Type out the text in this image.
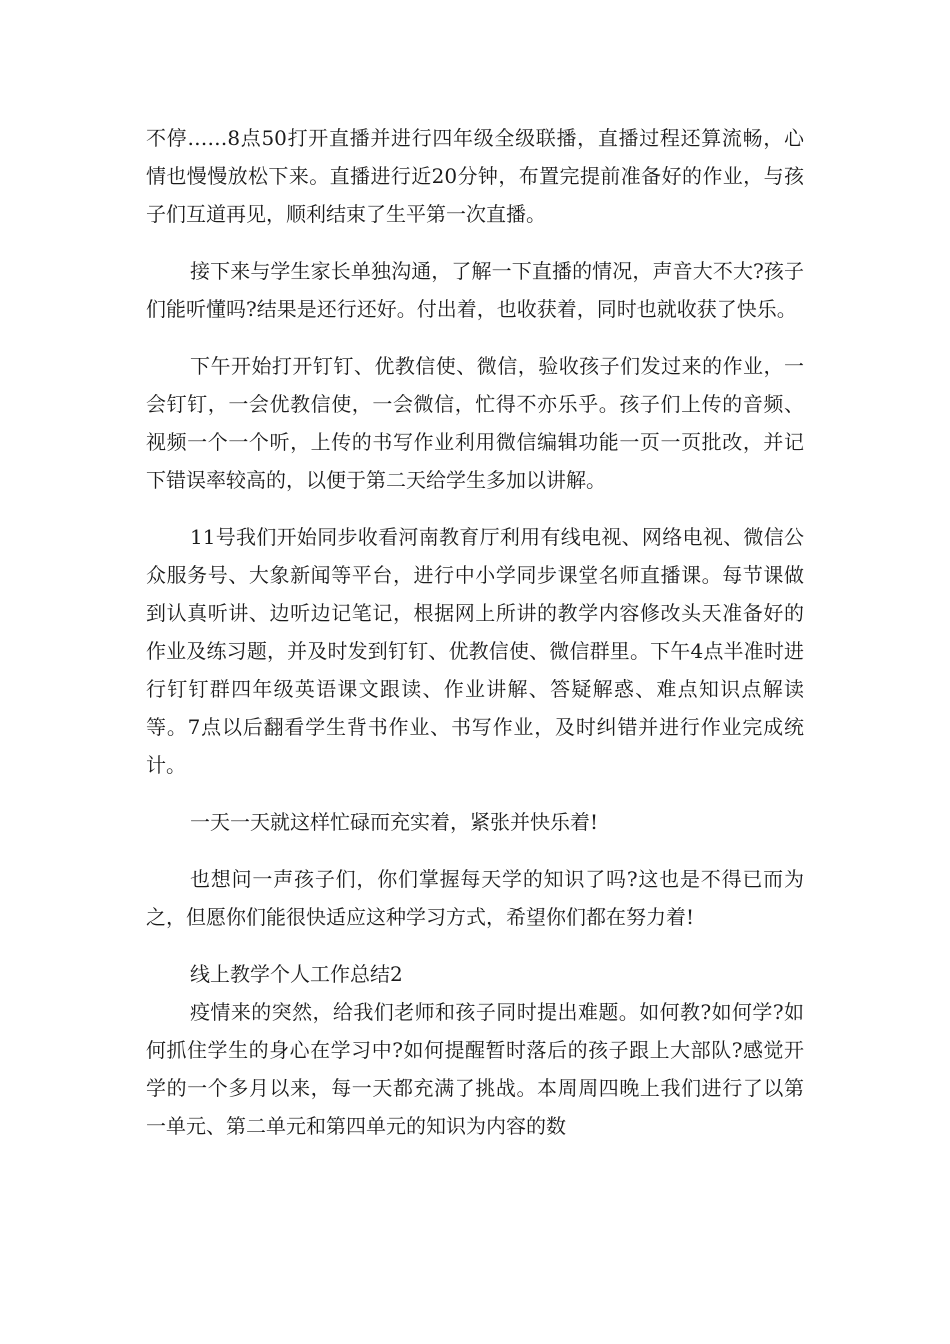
不停……8点50打开直播并进行四年级全级联播，直播过程还算流畅，心情也慢慢放松下来。直播进行近20分钟，布置完提前准备好的作业，与孩子们互道再见，顺利结束了生平第一次直播。

接下来与学生家长单独沟通，了解一下直播的情况，声音大不大?孩子们能听懂吗?结果是还行还好。付出着，也收获着，同时也就收获了快乐。

下午开始打开钉钉、优教信使、微信，验收孩子们发过来的作业，一会钉钉，一会优教信使，一会微信，忙得不亦乐乎。孩子们上传的音频、视频一个一个听，上传的书写作业利用微信编辑功能一页一页批改，并记下错误率较高的，以便于第二天给学生多加以讲解。

11号我们开始同步收看河南教育厅利用有线电视、网络电视、微信公众服务号、大象新闻等平台，进行中小学同步课堂名师直播课。每节课做到认真听讲、边听边记笔记，根据网上所讲的教学内容修改头天准备好的作业及练习题，并及时发到钉钉、优教信使、微信群里。下午4点半准时进行钉钉群四年级英语课文跟读、作业讲解、答疑解惑、难点知识点解读等。7点以后翻看学生背书作业、书写作业，及时纠错并进行作业完成统计。

一天一天就这样忙碌而充实着，紧张并快乐着!

也想问一声孩子们，你们掌握每天学的知识了吗?这也是不得已而为之，但愿你们能很快适应这种学习方式，希望你们都在努力着!

线上教学个人工作总结2

疫情来的突然，给我们老师和孩子同时提出难题。如何教?如何学?如何抓住学生的身心在学习中?如何提醒暂时落后的孩子跟上大部队?感觉开学的一个多月以来，每一天都充满了挑战。本周周四晚上我们进行了以第一单元、第二单元和第四单元的知识为内容的数
